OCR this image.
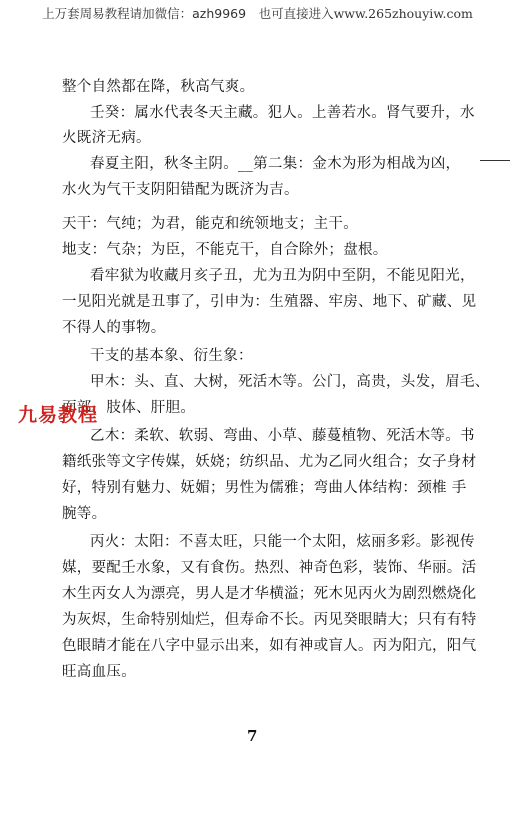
上万套周易教程请加微信：azh9969　也可直接进入www.265zhouyiw.com
整个自然都在降，秋高气爽。
壬癸：属水代表冬天主藏。犯人。上善若水。肾气要升，水
火既济无病。
春夏主阳，秋冬主阴。__第二集：金木为形为相战为凶，
水火为气干支阴阳错配为既济为吉。
天干：气纯；为君，能克和统领地支；主干。
地支：气杂；为臣，不能克干，自合除外；盘根。
看牢狱为收藏月亥子丑，尤为丑为阴中至阴，不能见阳光，
一见阳光就是丑事了，引申为：生殖器、牢房、地下、矿藏、见
不得人的事物。
干支的基本象、衍生象：
甲木：头、直、大树，死活木等。公门，高贵，头发，眉毛、
面部、肢体、肝胆。
乙木：柔软、软弱、弯曲、小草、藤蔓植物、死活木等。书
籍纸张等文字传媒，妖娆；纺织品、尤为乙同火组合；女子身材
好，特别有魅力、妩媚；男性为儒雅；弯曲人体结构：颈椎 手
腕等。
丙火：太阳：不喜太旺，只能一个太阳，炫丽多彩。影视传
媒，要配壬水象，又有食伤。热烈、神奇色彩，装饰、华丽。活
木生丙女人为漂亮，男人是才华横溢；死木见丙火为剧烈燃烧化
为灰烬，生命特别灿烂，但寿命不长。丙见癸眼睛大；只有有特
色眼睛才能在八字中显示出来，如有神或盲人。丙为阳亢，阳气
旺高血压。
九易教程
7
